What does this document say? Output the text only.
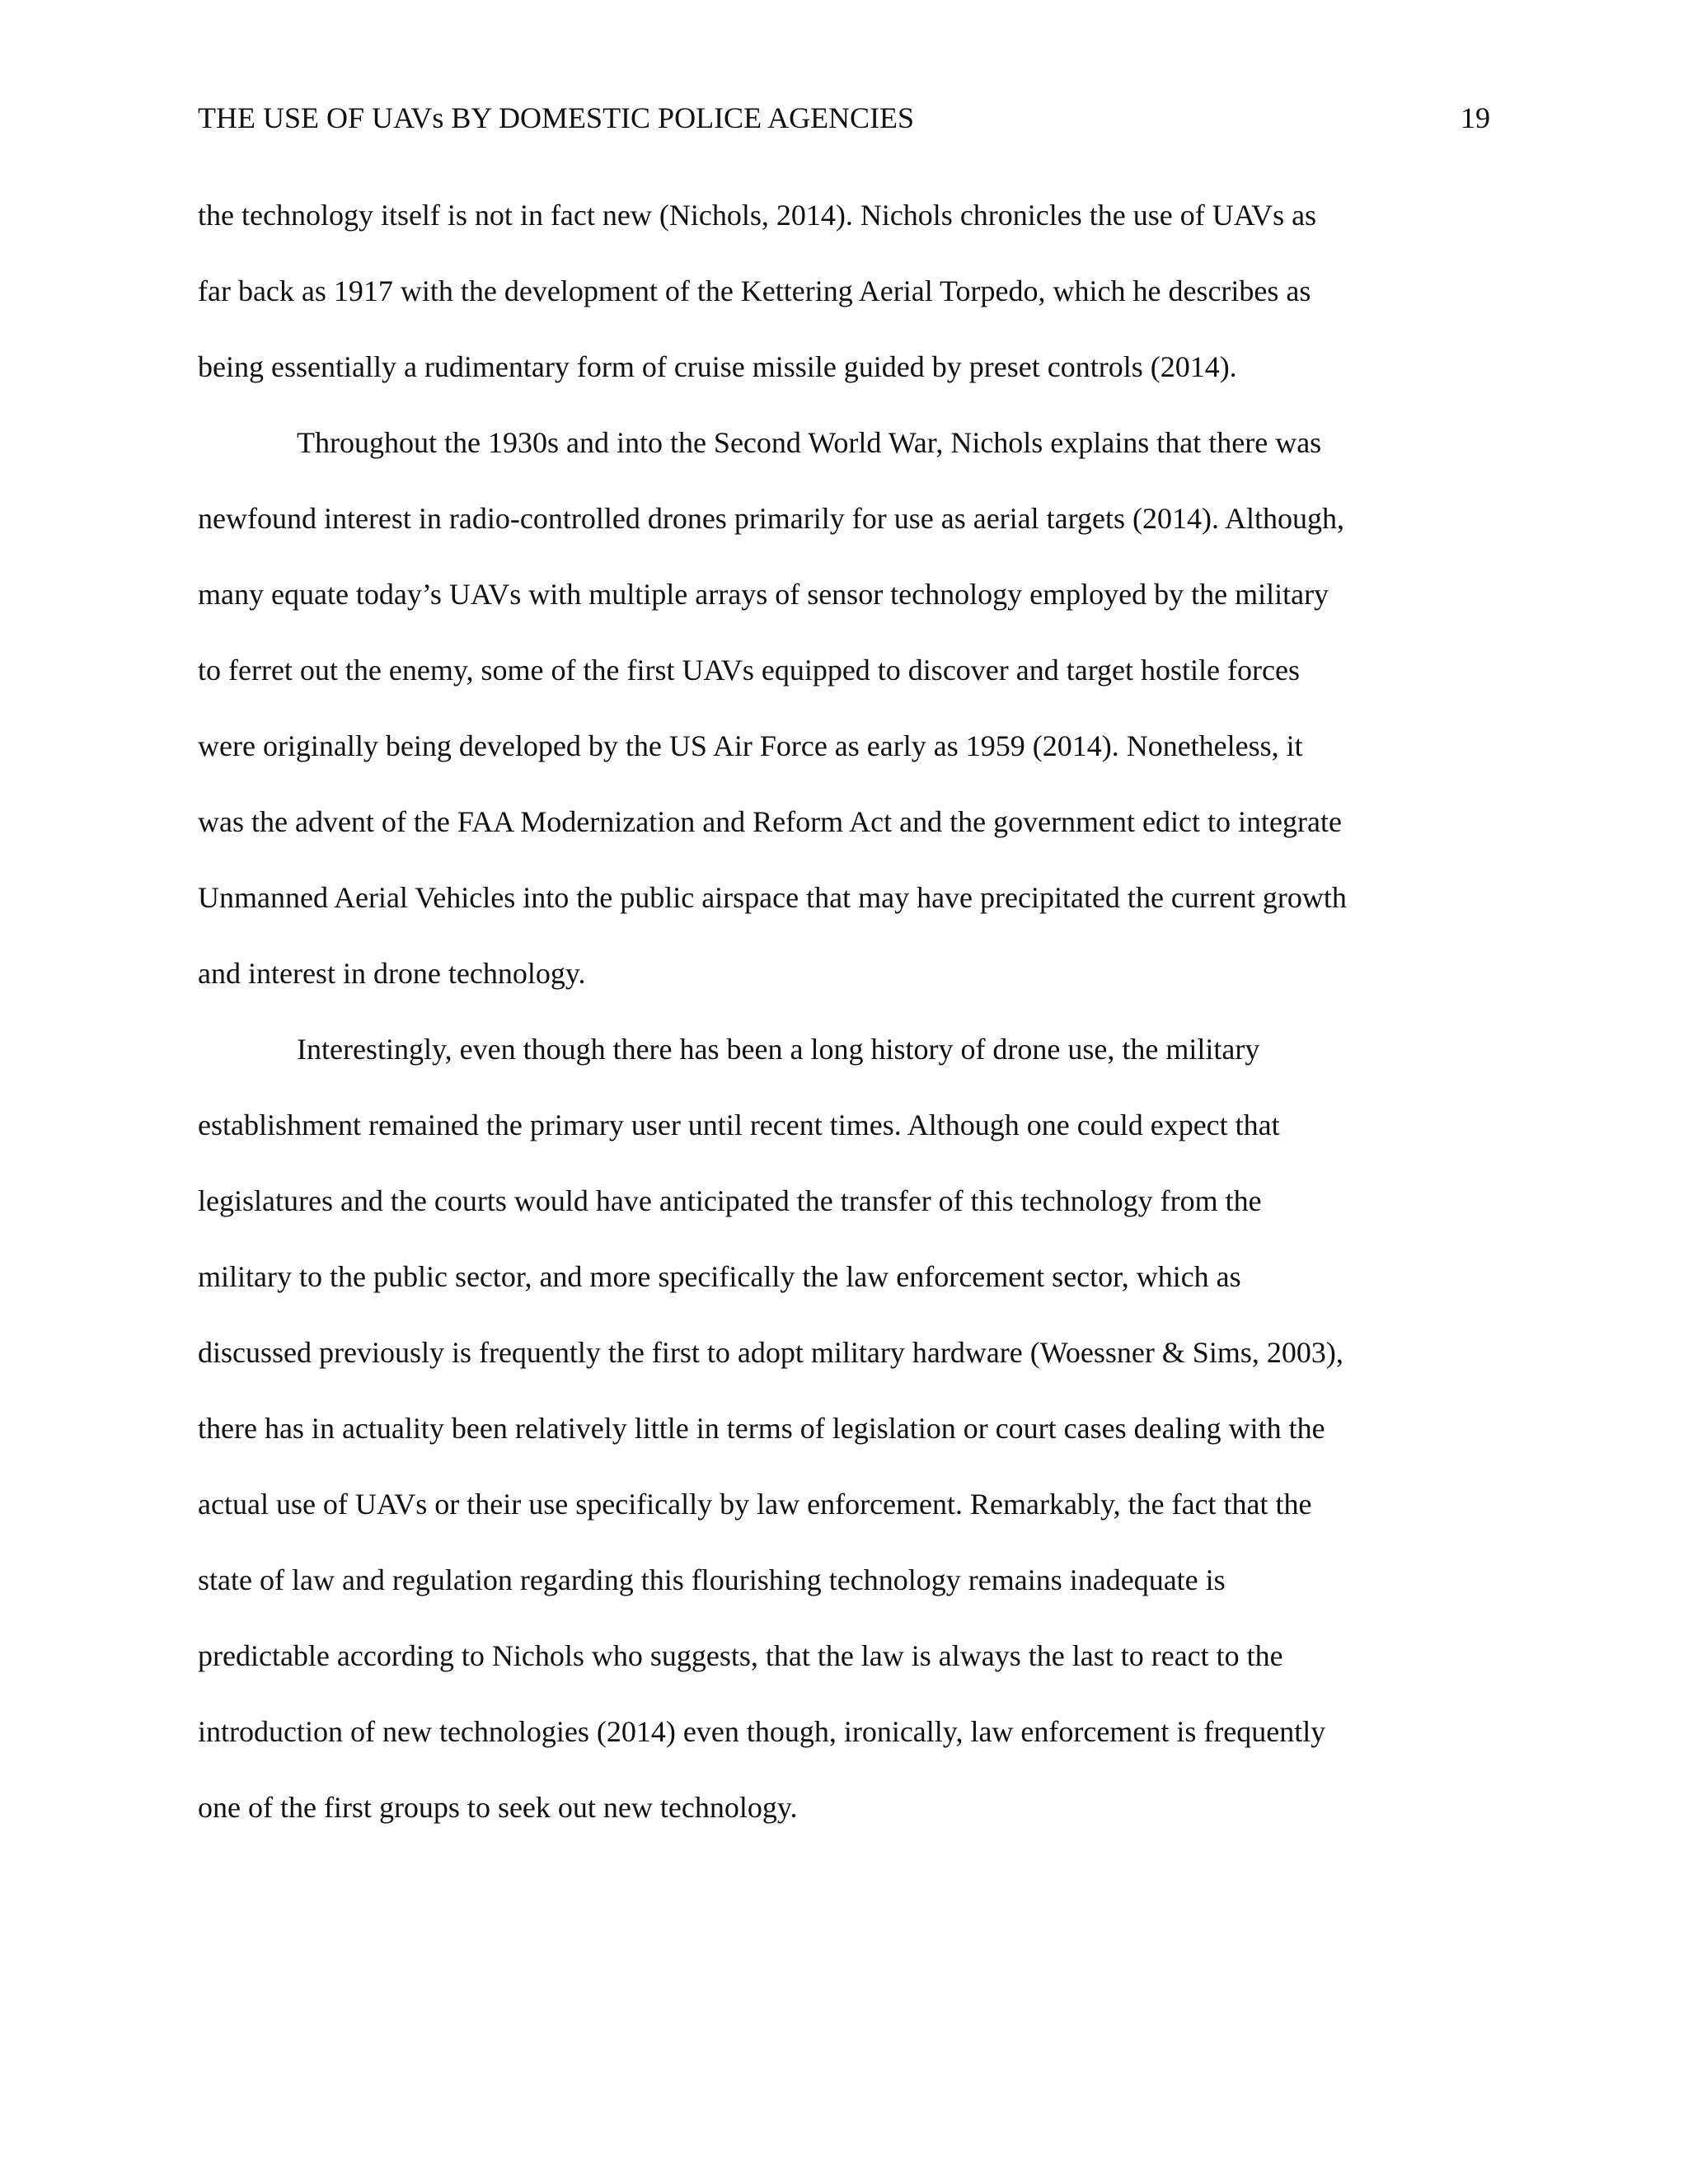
THE USE OF UAVs BY DOMESTIC POLICE AGENCIES	19
the technology itself is not in fact new (Nichols, 2014). Nichols chronicles the use of UAVs as
far back as 1917 with the development of the Kettering Aerial Torpedo, which he describes as
being essentially a rudimentary form of cruise missile guided by preset controls (2014).
Throughout the 1930s and into the Second World War, Nichols explains that there was
newfound interest in radio-controlled drones primarily for use as aerial targets (2014). Although,
many equate today’s UAVs with multiple arrays of sensor technology employed by the military
to ferret out the enemy, some of the first UAVs equipped to discover and target hostile forces
were originally being developed by the US Air Force as early as 1959 (2014). Nonetheless, it
was the advent of the FAA Modernization and Reform Act and the government edict to integrate
Unmanned Aerial Vehicles into the public airspace that may have precipitated the current growth
and interest in drone technology.
Interestingly, even though there has been a long history of drone use, the military
establishment remained the primary user until recent times. Although one could expect that
legislatures and the courts would have anticipated the transfer of this technology from the
military to the public sector, and more specifically the law enforcement sector, which as
discussed previously is frequently the first to adopt military hardware (Woessner & Sims, 2003),
there has in actuality been relatively little in terms of legislation or court cases dealing with the
actual use of UAVs or their use specifically by law enforcement. Remarkably, the fact that the
state of law and regulation regarding this flourishing technology remains inadequate is
predictable according to Nichols who suggests, that the law is always the last to react to the
introduction of new technologies (2014) even though, ironically, law enforcement is frequently
one of the first groups to seek out new technology.
